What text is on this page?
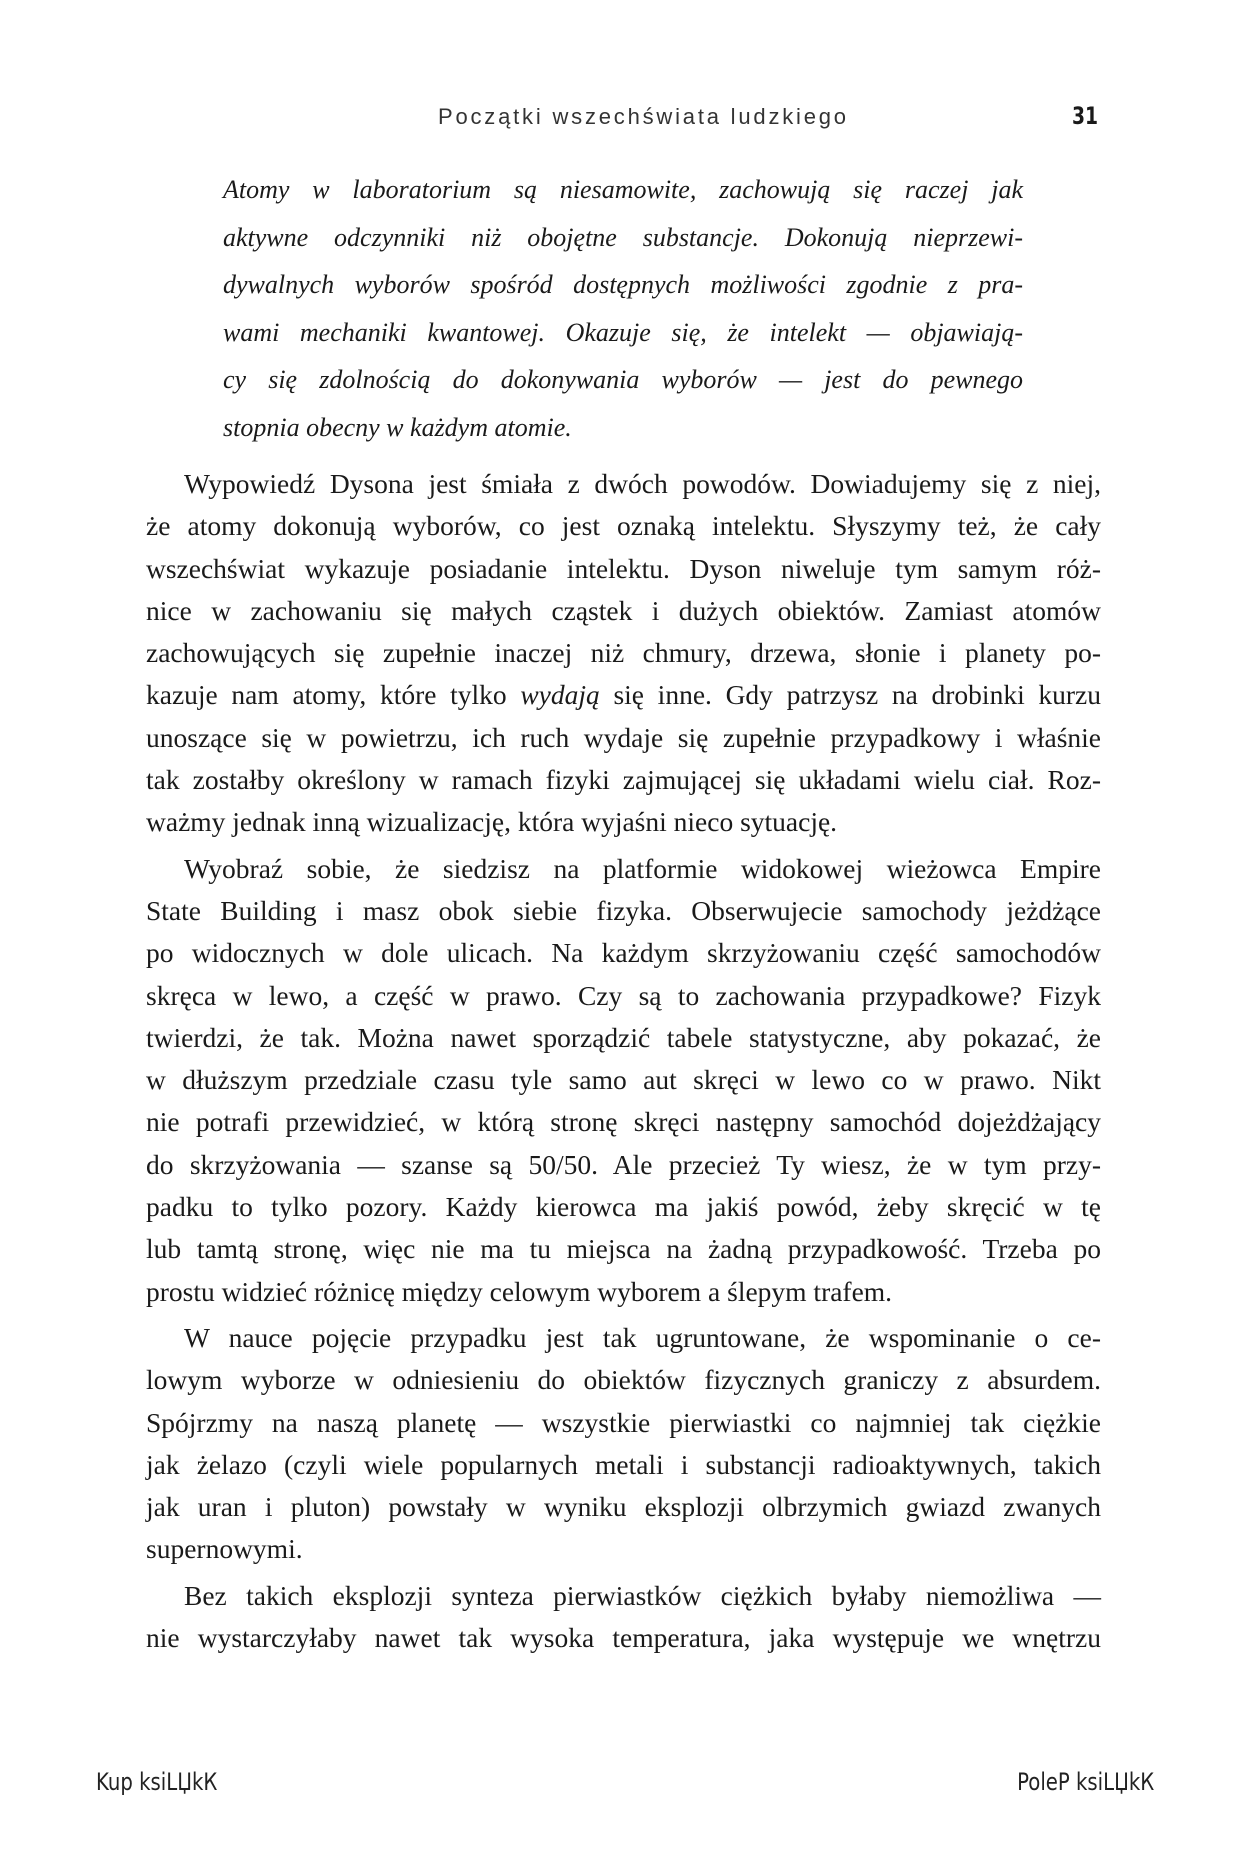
Początki wszechświata ludzkiego	31
Atomy w laboratorium są niesamowite, zachowują się raczej jak
aktywne odczynniki niż obojętne substancje. Dokonują nieprzewi-
dywalnych wyborów spośród dostępnych możliwości zgodnie z pra-
wami mechaniki kwantowej. Okazuje się, że intelekt — objawiają-
cy się zdolnością do dokonywania wyborów — jest do pewnego
stopnia obecny w każdym atomie.
Wypowiedź Dysona jest śmiała z dwóch powodów. Dowiadujemy się z niej,
że atomy dokonują wyborów, co jest oznaką intelektu. Słyszymy też, że cały
wszechświat wykazuje posiadanie intelektu. Dyson niweluje tym samym róż-
nice w zachowaniu się małych cząstek i dużych obiektów. Zamiast atomów
zachowujących się zupełnie inaczej niż chmury, drzewa, słonie i planety po-
kazuje nam atomy, które tylko wydają się inne. Gdy patrzysz na drobinki kurzu
unoszące się w powietrzu, ich ruch wydaje się zupełnie przypadkowy i właśnie
tak zostałby określony w ramach fizyki zajmującej się układami wielu ciał. Roz-
ważmy jednak inną wizualizację, która wyjaśni nieco sytuację.
Wyobraź sobie, że siedzisz na platformie widokowej wieżowca Empire
State Building i masz obok siebie fizyka. Obserwujecie samochody jeżdżące
po widocznych w dole ulicach. Na każdym skrzyżowaniu część samochodów
skręca w lewo, a część w prawo. Czy są to zachowania przypadkowe? Fizyk
twierdzi, że tak. Można nawet sporządzić tabele statystyczne, aby pokazać, że
w dłuższym przedziale czasu tyle samo aut skręci w lewo co w prawo. Nikt
nie potrafi przewidzieć, w którą stronę skręci następny samochód dojeżdżający
do skrzyżowania — szanse są 50/50. Ale przecież Ty wiesz, że w tym przy-
padku to tylko pozory. Każdy kierowca ma jakiś powód, żeby skręcić w tę
lub tamtą stronę, więc nie ma tu miejsca na żadną przypadkowość. Trzeba po
prostu widzieć różnicę między celowym wyborem a ślepym trafem.
W nauce pojęcie przypadku jest tak ugruntowane, że wspominanie o ce-
lowym wyborze w odniesieniu do obiektów fizycznych graniczy z absurdem.
Spójrzmy na naszą planetę — wszystkie pierwiastki co najmniej tak ciężkie
jak żelazo (czyli wiele popularnych metali i substancji radioaktywnych, takich
jak uran i pluton) powstały w wyniku eksplozji olbrzymich gwiazd zwanych
supernowymi.
Bez takich eksplozji synteza pierwiastków ciężkich byłaby niemożliwa —
nie wystarczyłaby nawet tak wysoka temperatura, jaka występuje we wnętrzu
Kup ksiLЏkК	PoleР ksiLЏkК
